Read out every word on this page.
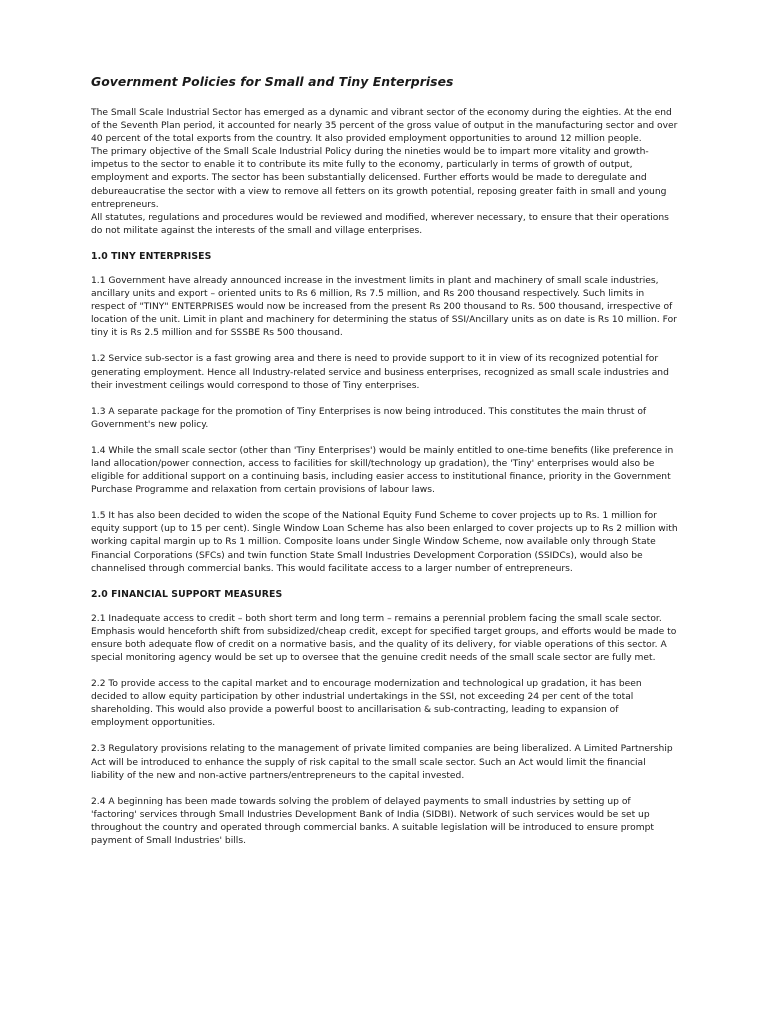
Government Policies for Small and Tiny Enterprises

The Small Scale Industrial Sector has emerged as a dynamic and vibrant sector of the economy during the eighties. At the end of the Seventh Plan period, it accounted for nearly 35 percent of the gross value of output in the manufacturing sector and over 40 percent of the total exports from the country. It also provided employment opportunities to around 12 million people.

The primary objective of the Small Scale Industrial Policy during the nineties would be to impart more vitality and growth-impetus to the sector to enable it to contribute its mite fully to the economy, particularly in terms of growth of output, employment and exports. The sector has been substantially delicensed. Further efforts would be made to deregulate and debureaucratise the sector with a view to remove all fetters on its growth potential, reposing greater faith in small and young entrepreneurs.

All statutes, regulations and procedures would be reviewed and modified, wherever necessary, to ensure that their operations do not militate against the interests of the small and village enterprises.

1.0 TINY ENTERPRISES

1.1 Government have already announced increase in the investment limits in plant and machinery of small scale industries, ancillary units and export – oriented units to Rs 6 million, Rs 7.5 million, and Rs 200 thousand respectively. Such limits in respect of "TINY" ENTERPRISES would now be increased from the present Rs 200 thousand to Rs. 500 thousand, irrespective of location of the unit. Limit in plant and machinery for determining the status of SSI/Ancillary units as on date is Rs 10 million. For tiny it is Rs 2.5 million and for SSSBE Rs 500 thousand.

1.2 Service sub-sector is a fast growing area and there is need to provide support to it in view of its recognized potential for generating employment. Hence all Industry-related service and business enterprises, recognized as small scale industries and their investment ceilings would correspond to those of Tiny enterprises.

1.3 A separate package for the promotion of Tiny Enterprises is now being introduced. This constitutes the main thrust of Government's new policy.

1.4 While the small scale sector (other than 'Tiny Enterprises') would be mainly entitled to one-time benefits (like preference in land allocation/power connection, access to facilities for skill/technology up gradation), the 'Tiny' enterprises would also be eligible for additional support on a continuing basis, including easier access to institutional finance, priority in the Government Purchase Programme and relaxation from certain provisions of labour laws.

1.5 It has also been decided to widen the scope of the National Equity Fund Scheme to cover projects up to Rs. 1 million for equity support (up to 15 per cent). Single Window Loan Scheme has also been enlarged to cover projects up to Rs 2 million with working capital margin up to Rs 1 million. Composite loans under Single Window Scheme, now available only through State Financial Corporations (SFCs) and twin function State Small Industries Development Corporation (SSIDCs), would also be channelised through commercial banks. This would facilitate access to a larger number of entrepreneurs.

2.0 FINANCIAL SUPPORT MEASURES

2.1 Inadequate access to credit – both short term and long term – remains a perennial problem facing the small scale sector. Emphasis would henceforth shift from subsidized/cheap credit, except for specified target groups, and efforts would be made to ensure both adequate flow of credit on a normative basis, and the quality of its delivery, for viable operations of this sector. A special monitoring agency would be set up to oversee that the genuine credit needs of the small scale sector are fully met.

2.2 To provide access to the capital market and to encourage modernization and technological up gradation, it has been decided to allow equity participation by other industrial undertakings in the SSI, not exceeding 24 per cent of the total shareholding. This would also provide a powerful boost to ancillarisation & sub-contracting, leading to expansion of employment opportunities.

2.3 Regulatory provisions relating to the management of private limited companies are being liberalized. A Limited Partnership Act will be introduced to enhance the supply of risk capital to the small scale sector. Such an Act would limit the financial liability of the new and non-active partners/entrepreneurs to the capital invested.

2.4 A beginning has been made towards solving the problem of delayed payments to small industries by setting up of 'factoring' services through Small Industries Development Bank of India (SIDBI). Network of such services would be set up throughout the country and operated through commercial banks. A suitable legislation will be introduced to ensure prompt payment of Small Industries' bills.
